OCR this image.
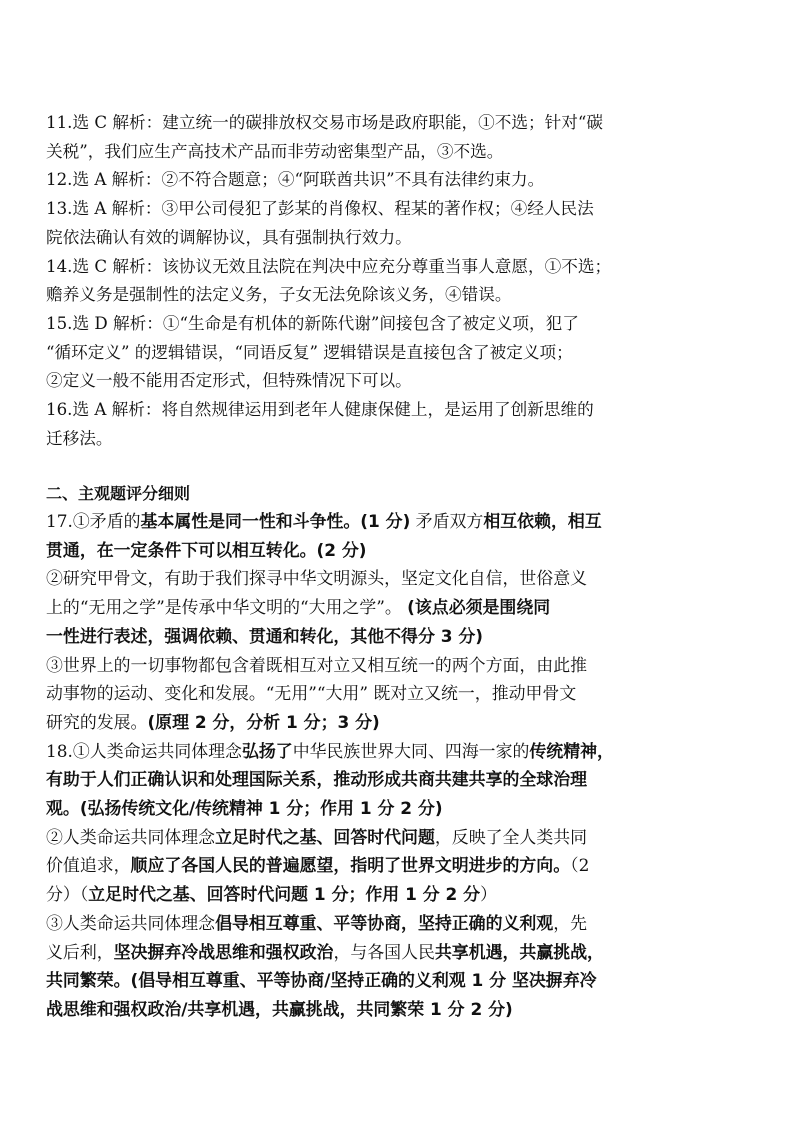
11.选 C 解析：建立统一的碳排放权交易市场是政府职能，①不选；针对“碳
关税”，我们应生产高技术产品而非劳动密集型产品，③不选。
12.选 A 解析：②不符合题意；④“阿联酋共识”不具有法律约束力。
13.选 A 解析：③甲公司侵犯了彭某的肖像权、程某的著作权；④经人民法
院依法确认有效的调解协议，具有强制执行效力。
14.选 C 解析：该协议无效且法院在判决中应充分尊重当事人意愿，①不选；
赡养义务是强制性的法定义务，子女无法免除该义务，④错误。
15.选 D 解析：①“生命是有机体的新陈代谢”间接包含了被定义项，犯了
“循环定义” 的逻辑错误，“同语反复” 逻辑错误是直接包含了被定义项；
②定义一般不能用否定形式，但特殊情况下可以。
16.选 A 解析：将自然规律运用到老年人健康保健上，是运用了创新思维的
迁移法。
二、主观题评分细则
17.①矛盾的基本属性是同一性和斗争性。(1 分) 矛盾双方相互依赖，相互
贯通，在一定条件下可以相互转化。(2 分)
②研究甲骨文，有助于我们探寻中华文明源头，坚定文化自信，世俗意义
上的“无用之学”是传承中华文明的“大用之学”。 (该点必须是围绕同
一性进行表述，强调依赖、贯通和转化，其他不得分 3 分)
③世界上的一切事物都包含着既相互对立又相互统一的两个方面，由此推
动事物的运动、变化和发展。“无用”“大用” 既对立又统一，推动甲骨文
研究的发展。(原理 2 分，分析 1 分；3 分)
18.①人类命运共同体理念弘扬了中华民族世界大同、四海一家的传统精神，
有助于人们正确认识和处理国际关系，推动形成共商共建共享的全球治理
观。(弘扬传统文化/传统精神 1 分；作用 1 分 2 分)
②人类命运共同体理念立足时代之基、回答时代问题，反映了全人类共同
价值追求，顺应了各国人民的普遍愿望，指明了世界文明进步的方向。（2
分）（立足时代之基、回答时代问题 1 分；作用 1 分 2 分）
③人类命运共同体理念倡导相互尊重、平等协商，坚持正确的义利观，先
义后利，坚决摒弃冷战思维和强权政治，与各国人民共享机遇，共赢挑战，
共同繁荣。(倡导相互尊重、平等协商/坚持正确的义利观 1 分 坚决摒弃冷
战思维和强权政治/共享机遇，共赢挑战，共同繁荣 1 分 2 分)
